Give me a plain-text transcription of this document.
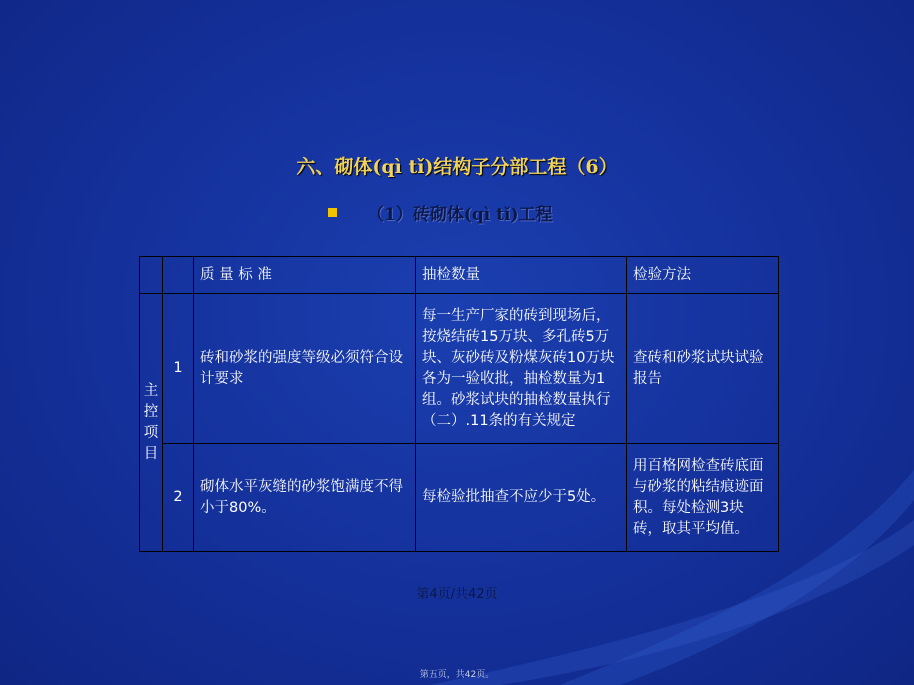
六、砌体(qì tǐ)结构子分部工程（6）
（1）砖砌体(qì tǐ)工程
		质 量 标 准	抽检数量	检验方法
主控项目	1	砖和砂浆的强度等级必须符合设计要求	每一生产厂家的砖到现场后，按烧结砖15万块、多孔砖5万块、灰砂砖及粉煤灰砖10万块各为一验收批，抽检数量为1组。砂浆试块的抽检数量执行（二）.11条的有关规定	查砖和砂浆试块试验报告
	2	砌体水平灰缝的砂浆饱满度不得小于80%。	每检验批抽查不应少于5处。	用百格网检查砖底面与砂浆的粘结痕迹面积。每处检测3块砖，取其平均值。
第4页/共42页
第五页，共42页。
